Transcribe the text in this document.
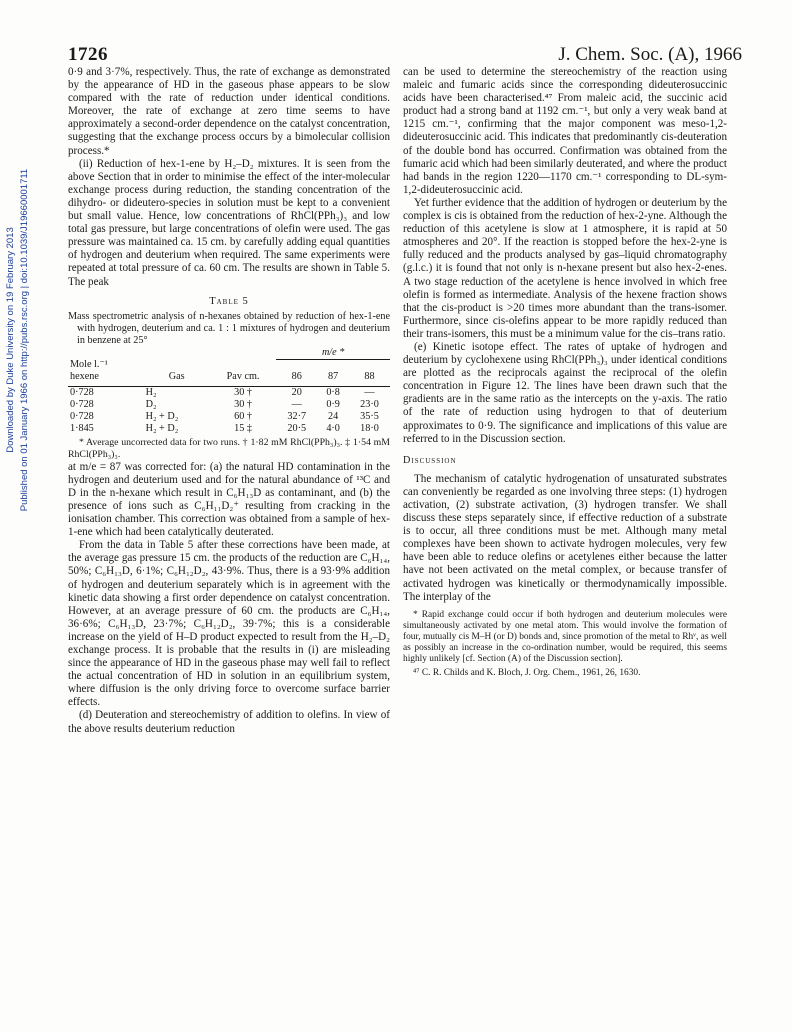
1726	J. Chem. Soc. (A), 1966
Downloaded by Duke University on 19 February 2013 Published on 01 January 1966 on http://pubs.rsc.org | doi:10.1039/J19660001711

0·9 and 3·7%, respectively. Thus, the rate of exchange as demonstrated by the appearance of HD in the gaseous phase appears to be slow compared with the rate of reduction under identical conditions. Moreover, the rate of exchange at zero time seems to have approximately a second-order dependence on the catalyst concentration, suggesting that the exchange process occurs by a bimolecular collision process.*

(ii) Reduction of hex-1-ene by H₂–D₂ mixtures. It is seen from the above Section that in order to minimise the effect of the inter-molecular exchange process during reduction, the standing concentration of the dihydro- or dideutero-species in solution must be kept to a convenient but small value. Hence, low concentrations of RhCl(PPh₃)₃ and low total gas pressure, but large concentrations of olefin were used. The gas pressure was maintained ca. 15 cm. by carefully adding equal quantities of hydrogen and deuterium when required. The same experiments were repeated at total pressure of ca. 60 cm. The results are shown in Table 5. The peak

Table 5

Mass spectrometric analysis of n-hexanes obtained by reduction of hex-1-ene with hydrogen, deuterium and ca. 1 : 1 mixtures of hydrogen and deuterium in benzene at 25°

			m/e *		
Mole l.⁻¹					
hexene	Gas	Pav cm.	86	87	88

0·728	H₂	30 †	20	0·8	—
0·728	D₂	30 †	—	0·9	23·0
0·728	H₂ + D₂	60 †	32·7	24	35·5
1·845	H₂ + D₂	15 ‡	20·5	4·0	18·0

* Average uncorrected data for two runs. † 1·82 mM RhCl(PPh₃)₃. ‡ 1·54 mM RhCl(PPh₃)₃.

at m/e = 87 was corrected for: (a) the natural HD contamination in the hydrogen and deuterium used and for the natural abundance of ¹³C and D in the n-hexane which result in C₆H₁₃D as contaminant, and (b) the presence of ions such as C₆H₁₁D₂⁺ resulting from cracking in the ionisation chamber. This correction was obtained from a sample of hex-1-ene which had been catalytically deuterated.

From the data in Table 5 after these corrections have been made, at the average gas pressure 15 cm. the products of the reduction are C₆H₁₄, 50%; C₆H₁₃D, 6·1%; C₆H₁₂D₂, 43·9%. Thus, there is a 93·9% addition of hydrogen and deuterium separately which is in agreement with the kinetic data showing a first order dependence on catalyst concentration. However, at an average pressure of 60 cm. the products are C₆H₁₄, 36·6%; C₆H₁₃D, 23·7%; C₆H₁₂D₂, 39·7%; this is a considerable increase on the yield of H–D product expected to result from the H₂–D₂ exchange process. It is probable that the results in (i) are misleading since the appearance of HD in the gaseous phase may well fail to reflect the actual concentration of HD in solution in an equilibrium system, where diffusion is the only driving force to overcome surface barrier effects.

(d) Deuteration and stereochemistry of addition to olefins. In view of the above results deuterium reduction

can be used to determine the stereochemistry of the reaction using maleic and fumaric acids since the corresponding dideuterosuccinic acids have been characterised.⁴⁷ From maleic acid, the succinic acid product had a strong band at 1192 cm.⁻¹, but only a very weak band at 1215 cm.⁻¹, confirming that the major component was meso-1,2-dideuterosuccinic acid. This indicates that predominantly cis-deuteration of the double bond has occurred. Confirmation was obtained from the fumaric acid which had been similarly deuterated, and where the product had bands in the region 1220—1170 cm.⁻¹ corresponding to DL-sym-1,2-dideuterosuccinic acid.

Yet further evidence that the addition of hydrogen or deuterium by the complex is cis is obtained from the reduction of hex-2-yne. Although the reduction of this acetylene is slow at 1 atmosphere, it is rapid at 50 atmospheres and 20°. If the reaction is stopped before the hex-2-yne is fully reduced and the products analysed by gas–liquid chromatography (g.l.c.) it is found that not only is n-hexane present but also hex-2-enes. A two stage reduction of the acetylene is hence involved in which free olefin is formed as intermediate. Analysis of the hexene fraction shows that the cis-product is >20 times more abundant than the trans-isomer. Furthermore, since cis-olefins appear to be more rapidly reduced than their trans-isomers, this must be a minimum value for the cis–trans ratio.

(e) Kinetic isotope effect. The rates of uptake of hydrogen and deuterium by cyclohexene using RhCl(PPh₃)₃ under identical conditions are plotted as the reciprocals against the reciprocal of the olefin concentration in Figure 12. The lines have been drawn such that the gradients are in the same ratio as the intercepts on the y-axis. The ratio of the rate of reduction using hydrogen to that of deuterium approximates to 0·9. The significance and implications of this value are referred to in the Discussion section.

Discussion

The mechanism of catalytic hydrogenation of unsaturated substrates can conveniently be regarded as one involving three steps: (1) hydrogen activation, (2) substrate activation, (3) hydrogen transfer. We shall discuss these steps separately since, if effective reduction of a substrate is to occur, all three conditions must be met. Although many metal complexes have been shown to activate hydrogen molecules, very few have been able to reduce olefins or acetylenes either because the latter have not been activated on the metal complex, or because transfer of activated hydrogen was kinetically or thermodynamically impossible. The interplay of the

* Rapid exchange could occur if both hydrogen and deuterium molecules were simultaneously activated by one metal atom. This would involve the formation of four, mutually cis M–H (or D) bonds and, since promotion of the metal to Rhᵛ, as well as possibly an increase in the co-ordination number, would be required, this seems highly unlikely [cf. Section (A) of the Discussion section].

⁴⁷ C. R. Childs and K. Bloch, J. Org. Chem., 1961, 26, 1630.
